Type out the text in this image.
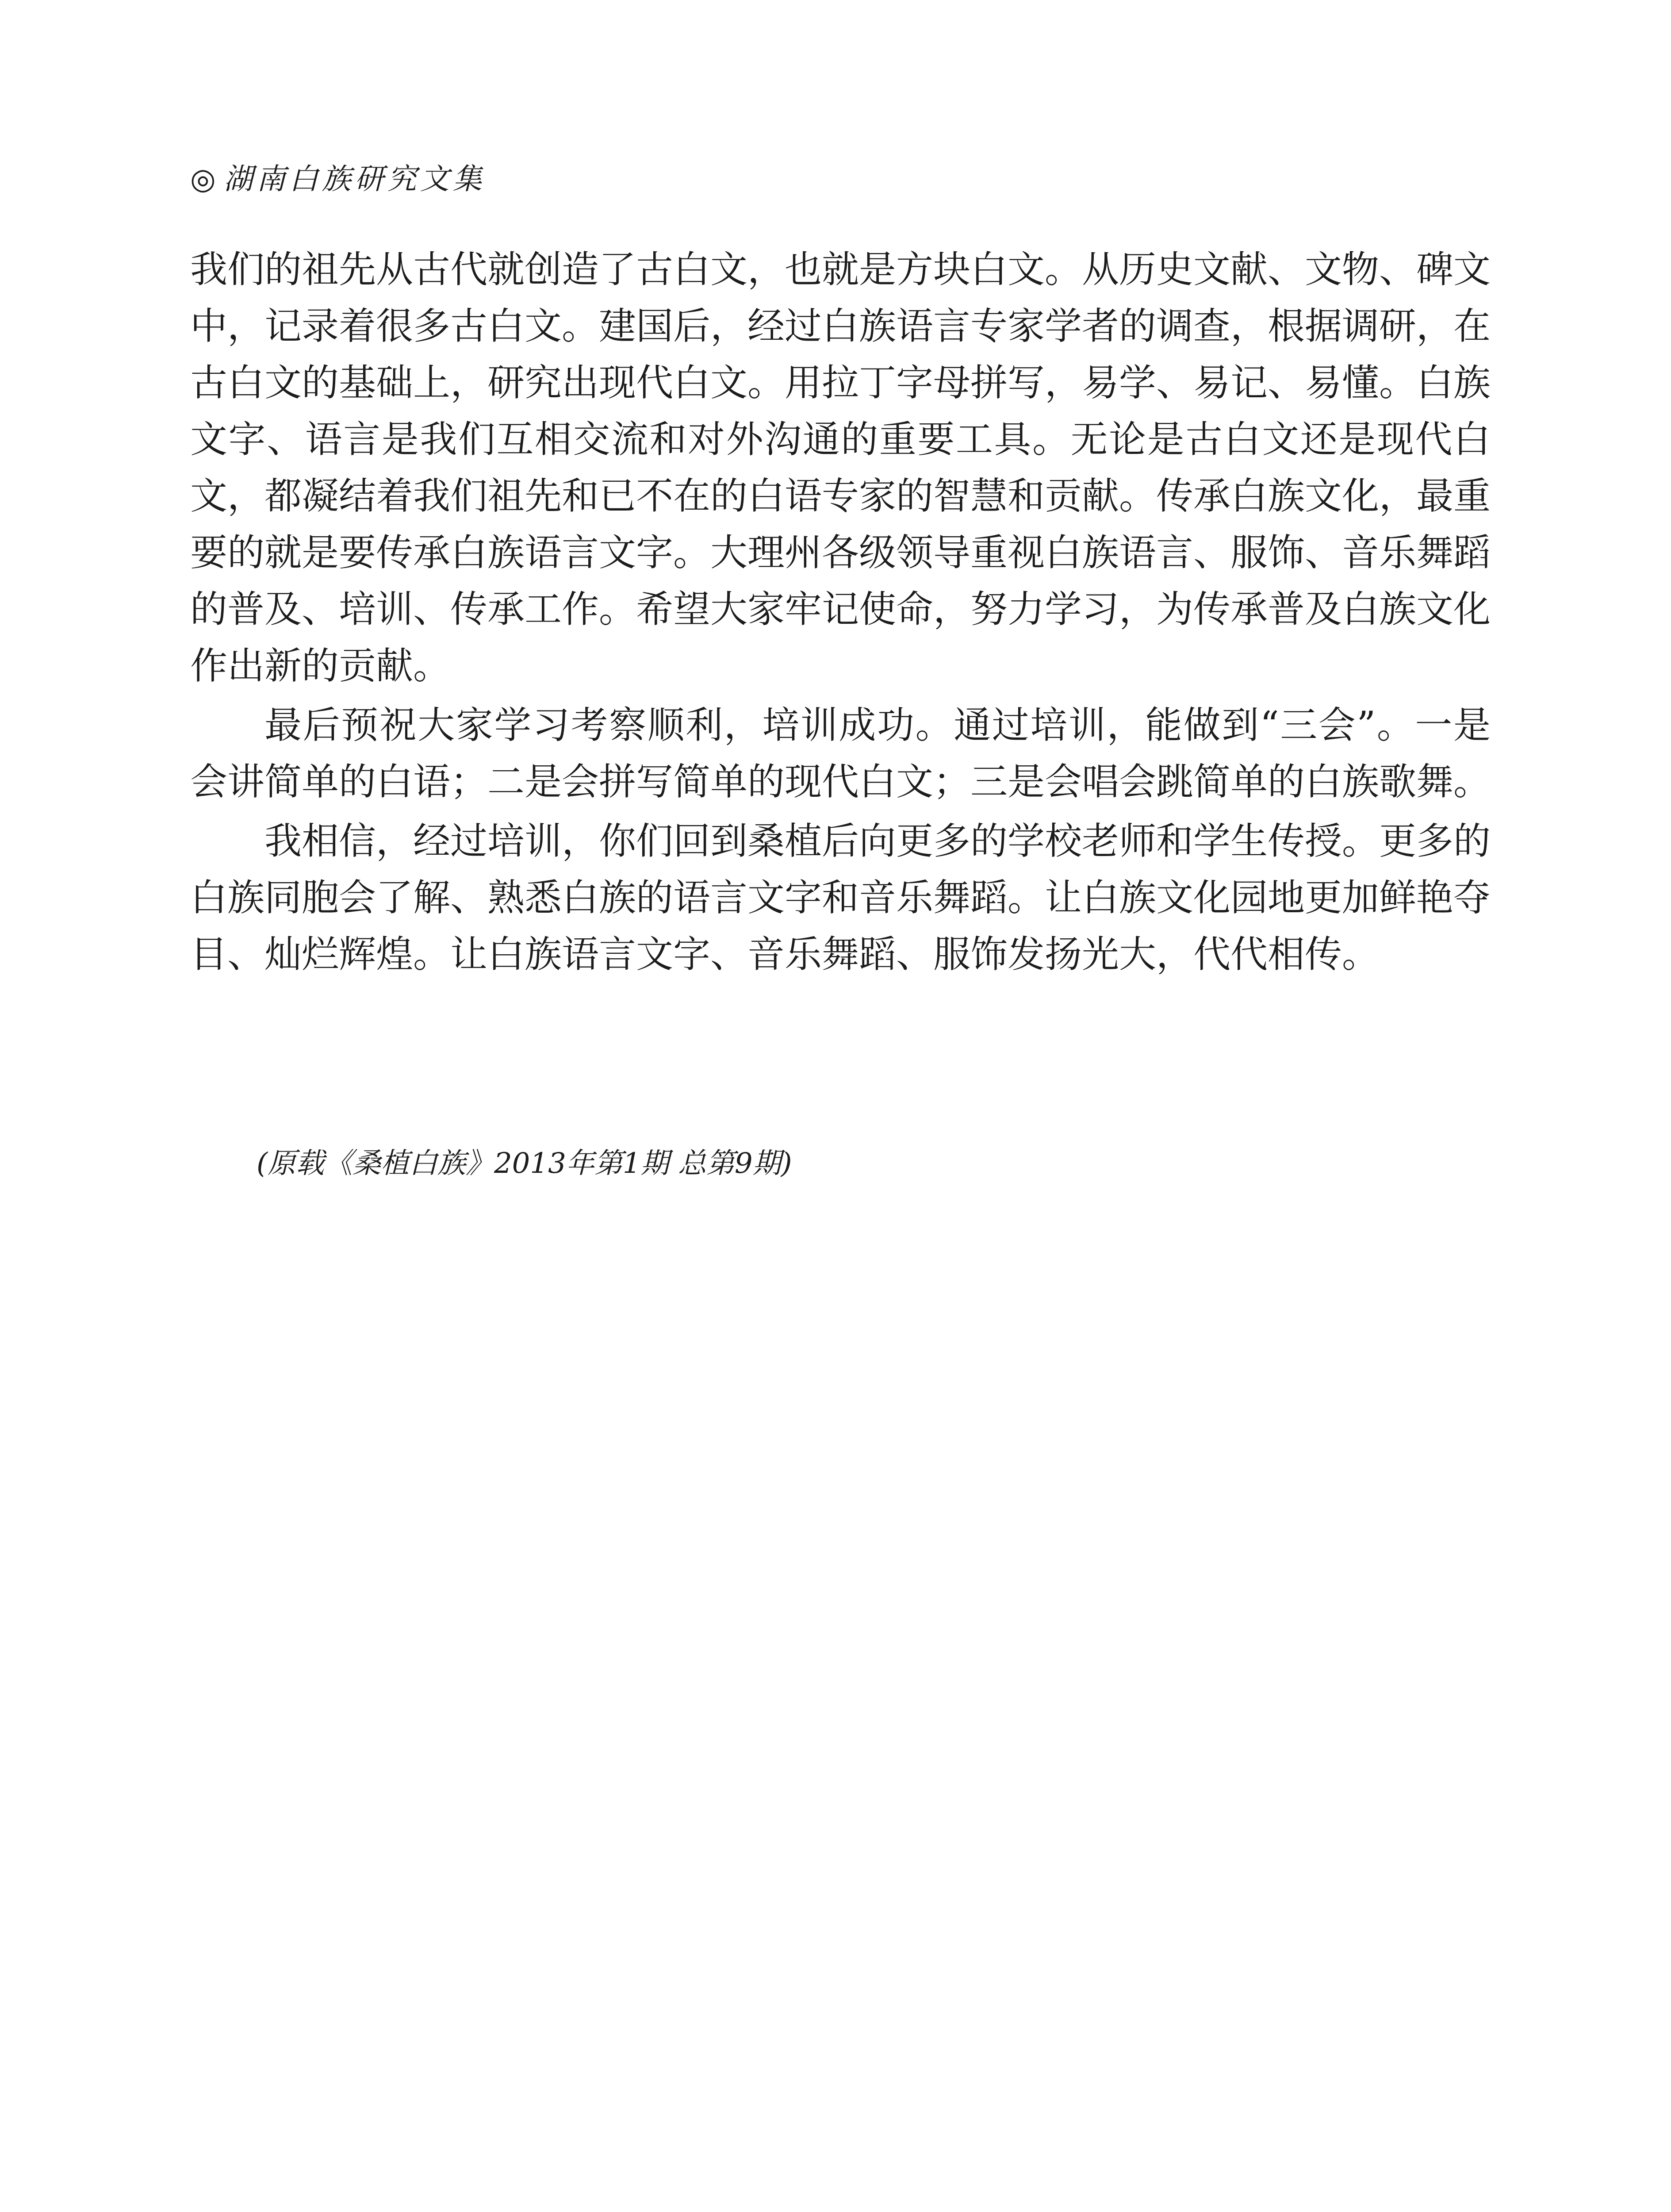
◎ 湖南白族研究文集

我们的祖先从古代就创造了古白文，也就是方块白文。从历史文献、文物、碑文中，记录着很多古白文。建国后，经过白族语言专家学者的调查，根据调研，在古白文的基础上，研究出现代白文。用拉丁字母拼写，易学、易记、易懂。白族文字、语言是我们互相交流和对外沟通的重要工具。无论是古白文还是现代白文，都凝结着我们祖先和已不在的白语专家的智慧和贡献。传承白族文化，最重要的就是要传承白族语言文字。大理州各级领导重视白族语言、服饰、音乐舞蹈的普及、培训、传承工作。希望大家牢记使命，努力学习，为传承普及白族文化作出新的贡献。

最后预祝大家学习考察顺利，培训成功。通过培训，能做到“三会”。一是会讲简单的白语；二是会拼写简单的现代白文；三是会唱会跳简单的白族歌舞。

我相信，经过培训，你们回到桑植后向更多的学校老师和学生传授。更多的白族同胞会了解、熟悉白族的语言文字和音乐舞蹈。让白族文化园地更加鲜艳夺目、灿烂辉煌。让白族语言文字、音乐舞蹈、服饰发扬光大，代代相传。

(原载《桑植白族》2013年第1期 总第9期)
